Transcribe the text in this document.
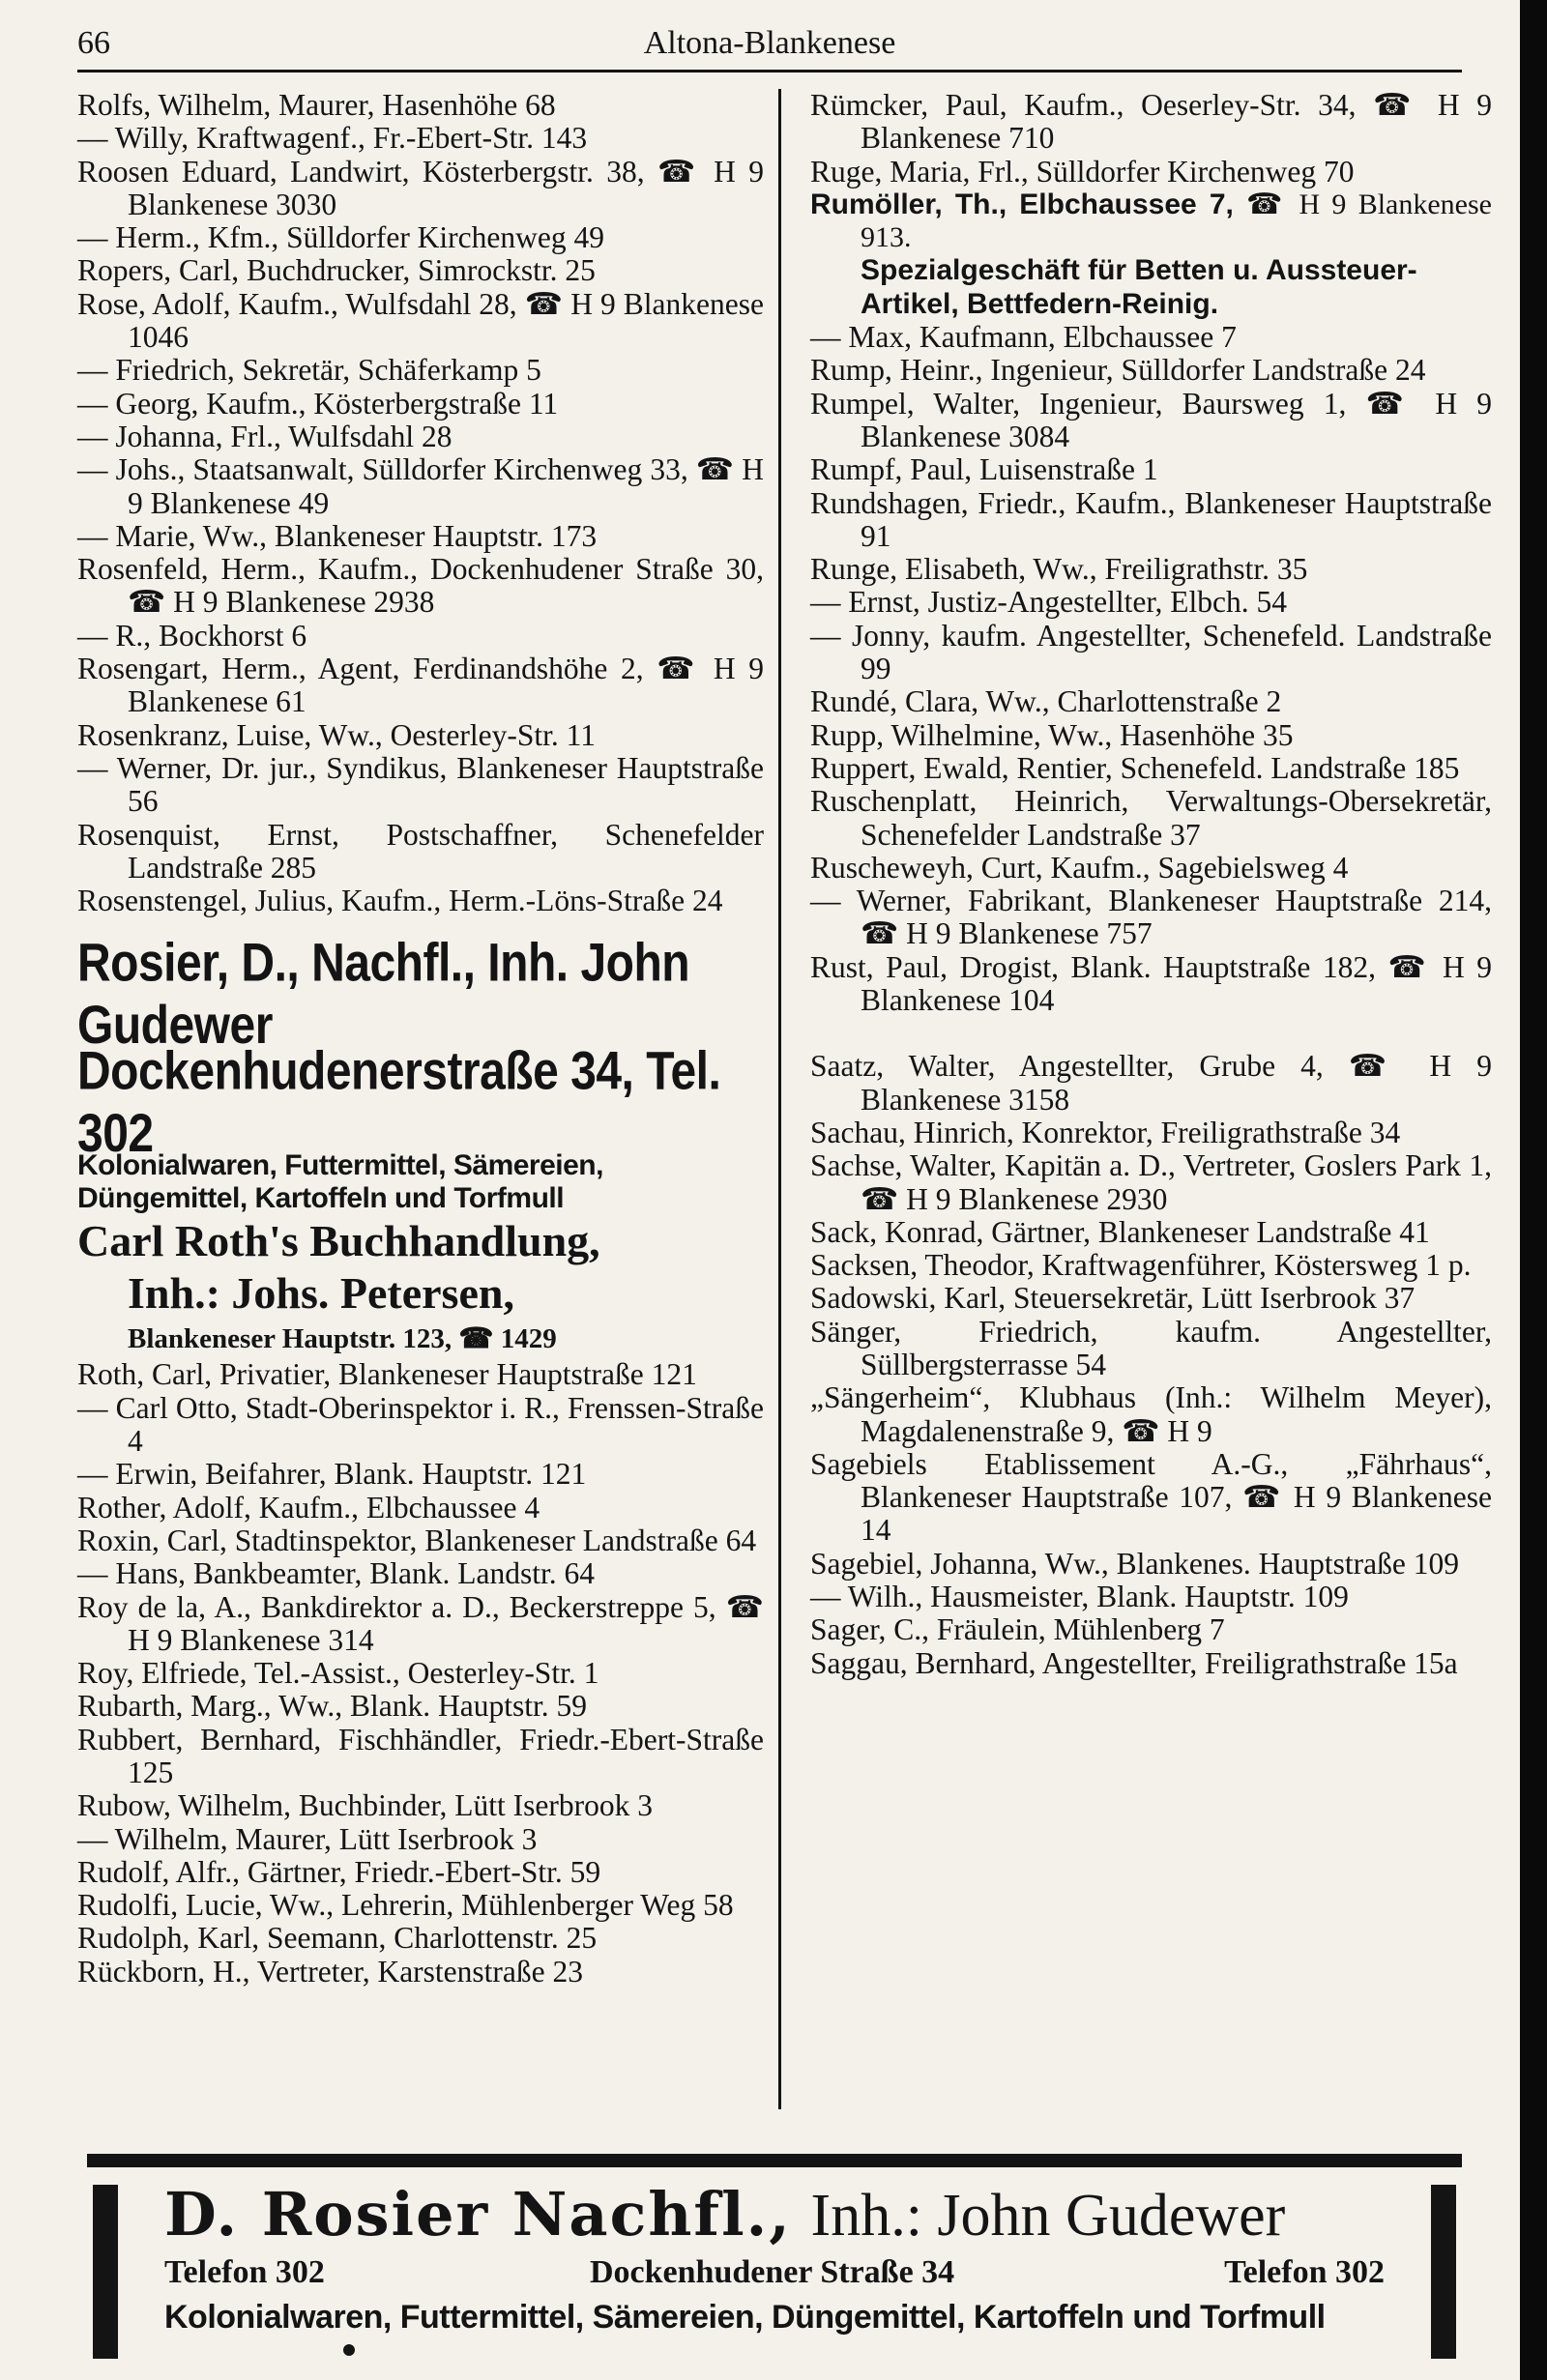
66	Altona-Blankenese
Rolfs, Wilhelm, Maurer, Hasenhöhe 68
— Willy, Kraftwagenf., Fr.-Ebert-Str. 143
Roosen Eduard, Landwirt, Kösterbergstr. 38, ☎ H 9 Blankenese 3030
— Herm., Kfm., Sülldorfer Kirchenweg 49
Ropers, Carl, Buchdrucker, Simrockstr. 25
Rose, Adolf, Kaufm., Wulfsdahl 28, ☎ H 9 Blankenese 1046
— Friedrich, Sekretär, Schäferkamp 5
— Georg, Kaufm., Kösterbergstraße 11
— Johanna, Frl., Wulfsdahl 28
— Johs., Staatsanwalt, Sülldorfer Kirchenweg 33, ☎ H 9 Blankenese 49
— Marie, Ww., Blankeneser Hauptstr. 173
Rosenfeld, Herm., Kaufm., Dockenhudener Straße 30, ☎ H 9 Blankenese 2938
— R., Bockhorst 6
Rosengart, Herm., Agent, Ferdinandshöhe 2, ☎ H 9 Blankenese 61
Rosenkranz, Luise, Ww., Oesterley-Str. 11
— Werner, Dr. jur., Syndikus, Blankeneser Hauptstraße 56
Rosenquist, Ernst, Postschaffner, Schenefelder Landstraße 285
Rosenstengel, Julius, Kaufm., Herm.-Löns-Straße 24
Rosier, D., Nachfl., Inh. John Gudewer
Dockenhudenerstraße 34, Tel. 302
Kolonialwaren, Futtermittel, Sämereien,
Düngemittel, Kartoffeln und Torfmull
Carl Roth's Buchhandlung,
Inh.: Johs. Petersen,
Blankeneser Hauptstr. 123, ☎ 1429
Roth, Carl, Privatier, Blankeneser Hauptstraße 121
— Carl Otto, Stadt-Oberinspektor i. R., Frenssen-Straße 4
— Erwin, Beifahrer, Blank. Hauptstr. 121
Rother, Adolf, Kaufm., Elbchaussee 4
Roxin, Carl, Stadtinspektor, Blankeneser Landstraße 64
— Hans, Bankbeamter, Blank. Landstr. 64
Roy de la, A., Bankdirektor a. D., Beckerstreppe 5, ☎ H 9 Blankenese 314
Roy, Elfriede, Tel.-Assist., Oesterley-Str. 1
Rubarth, Marg., Ww., Blank. Hauptstr. 59
Rubbert, Bernhard, Fischhändler, Friedr.-Ebert-Straße 125
Rubow, Wilhelm, Buchbinder, Lütt Iserbrook 3
— Wilhelm, Maurer, Lütt Iserbrook 3
Rudolf, Alfr., Gärtner, Friedr.-Ebert-Str. 59
Rudolfi, Lucie, Ww., Lehrerin, Mühlenberger Weg 58
Rudolph, Karl, Seemann, Charlottenstr. 25
Rückborn, H., Vertreter, Karstenstraße 23
Rümcker, Paul, Kaufm., Oeserley-Str. 34, ☎ H 9 Blankenese 710
Ruge, Maria, Frl., Sülldorfer Kirchenweg 70
Rumöller, Th., Elbchaussee 7, ☎ H 9 Blankenese 913.
Spezialgeschäft für Betten u. Aussteuer-Artikel, Bettfedern-Reinig.
— Max, Kaufmann, Elbchaussee 7
Rump, Heinr., Ingenieur, Sülldorfer Landstraße 24
Rumpel, Walter, Ingenieur, Baursweg 1, ☎ H 9 Blankenese 3084
Rumpf, Paul, Luisenstraße 1
Rundshagen, Friedr., Kaufm., Blankeneser Hauptstraße 91
Runge, Elisabeth, Ww., Freiligrathstr. 35
— Ernst, Justiz-Angestellter, Elbch. 54
— Jonny, kaufm. Angestellter, Schenefeld. Landstraße 99
Rundé, Clara, Ww., Charlottenstraße 2
Rupp, Wilhelmine, Ww., Hasenhöhe 35
Ruppert, Ewald, Rentier, Schenefeld. Landstraße 185
Ruschenplatt, Heinrich, Verwaltungs-Obersekretär, Schenefelder Landstraße 37
Ruscheweyh, Curt, Kaufm., Sagebielsweg 4
— Werner, Fabrikant, Blankeneser Hauptstraße 214, ☎ H 9 Blankenese 757
Rust, Paul, Drogist, Blank. Hauptstraße 182, ☎ H 9 Blankenese 104
Saatz, Walter, Angestellter, Grube 4, ☎ H 9 Blankenese 3158
Sachau, Hinrich, Konrektor, Freiligrathstraße 34
Sachse, Walter, Kapitän a. D., Vertreter, Goslers Park 1, ☎ H 9 Blankenese 2930
Sack, Konrad, Gärtner, Blankeneser Landstraße 41
Sacksen, Theodor, Kraftwagenführer, Köstersweg 1 p.
Sadowski, Karl, Steuersekretär, Lütt Iserbrook 37
Sänger, Friedrich, kaufm. Angestellter, Süllbergsterrasse 54
„Sängerheim“, Klubhaus (Inh.: Wilhelm Meyer), Magdalenenstraße 9, ☎ H 9
Sagebiels Etablissement A.-G., „Fährhaus“, Blankeneser Hauptstraße 107, ☎ H 9 Blankenese 14
Sagebiel, Johanna, Ww., Blankenes. Hauptstraße 109
— Wilh., Hausmeister, Blank. Hauptstr. 109
Sager, C., Fräulein, Mühlenberg 7
Saggau, Bernhard, Angestellter, Freiligrathstraße 15a
D. Rosier Nachfl., Inh.: John Gudewer
Telefon 302	Dockenhudener Straße 34	Telefon 302
Kolonialwaren, Futtermittel, Sämereien, Düngemittel, Kartoffeln und Torfmull
